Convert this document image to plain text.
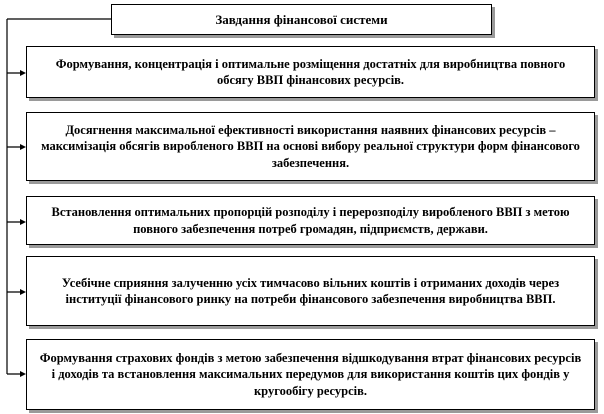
Завдання фінансової системи
Формування, концентрація і оптимальне розміщення достатніх для виробництва повного обсягу ВВП фінансових ресурсів.
Досягнення максимальної ефективності використання наявних фінансових ресурсів – максимізація обсягів виробленого ВВП на основі вибору реальної структури форм фінансового забезпечення.
Встановлення оптимальних пропорцій розподілу і перерозподілу виробленого ВВП з метою повного забезпечення потреб громадян, підприємств, держави.
Усебічне сприяння залученню усіх тимчасово вільних коштів і отриманих доходів через інституції фінансового ринку на потреби фінансового забезпечення виробництва ВВП.
Формування страхових фондів з метою забезпечення відшкодування втрат фінансових ресурсів і доходів та встановлення максимальних передумов для використання коштів цих фондів у кругообігу ресурсів.
